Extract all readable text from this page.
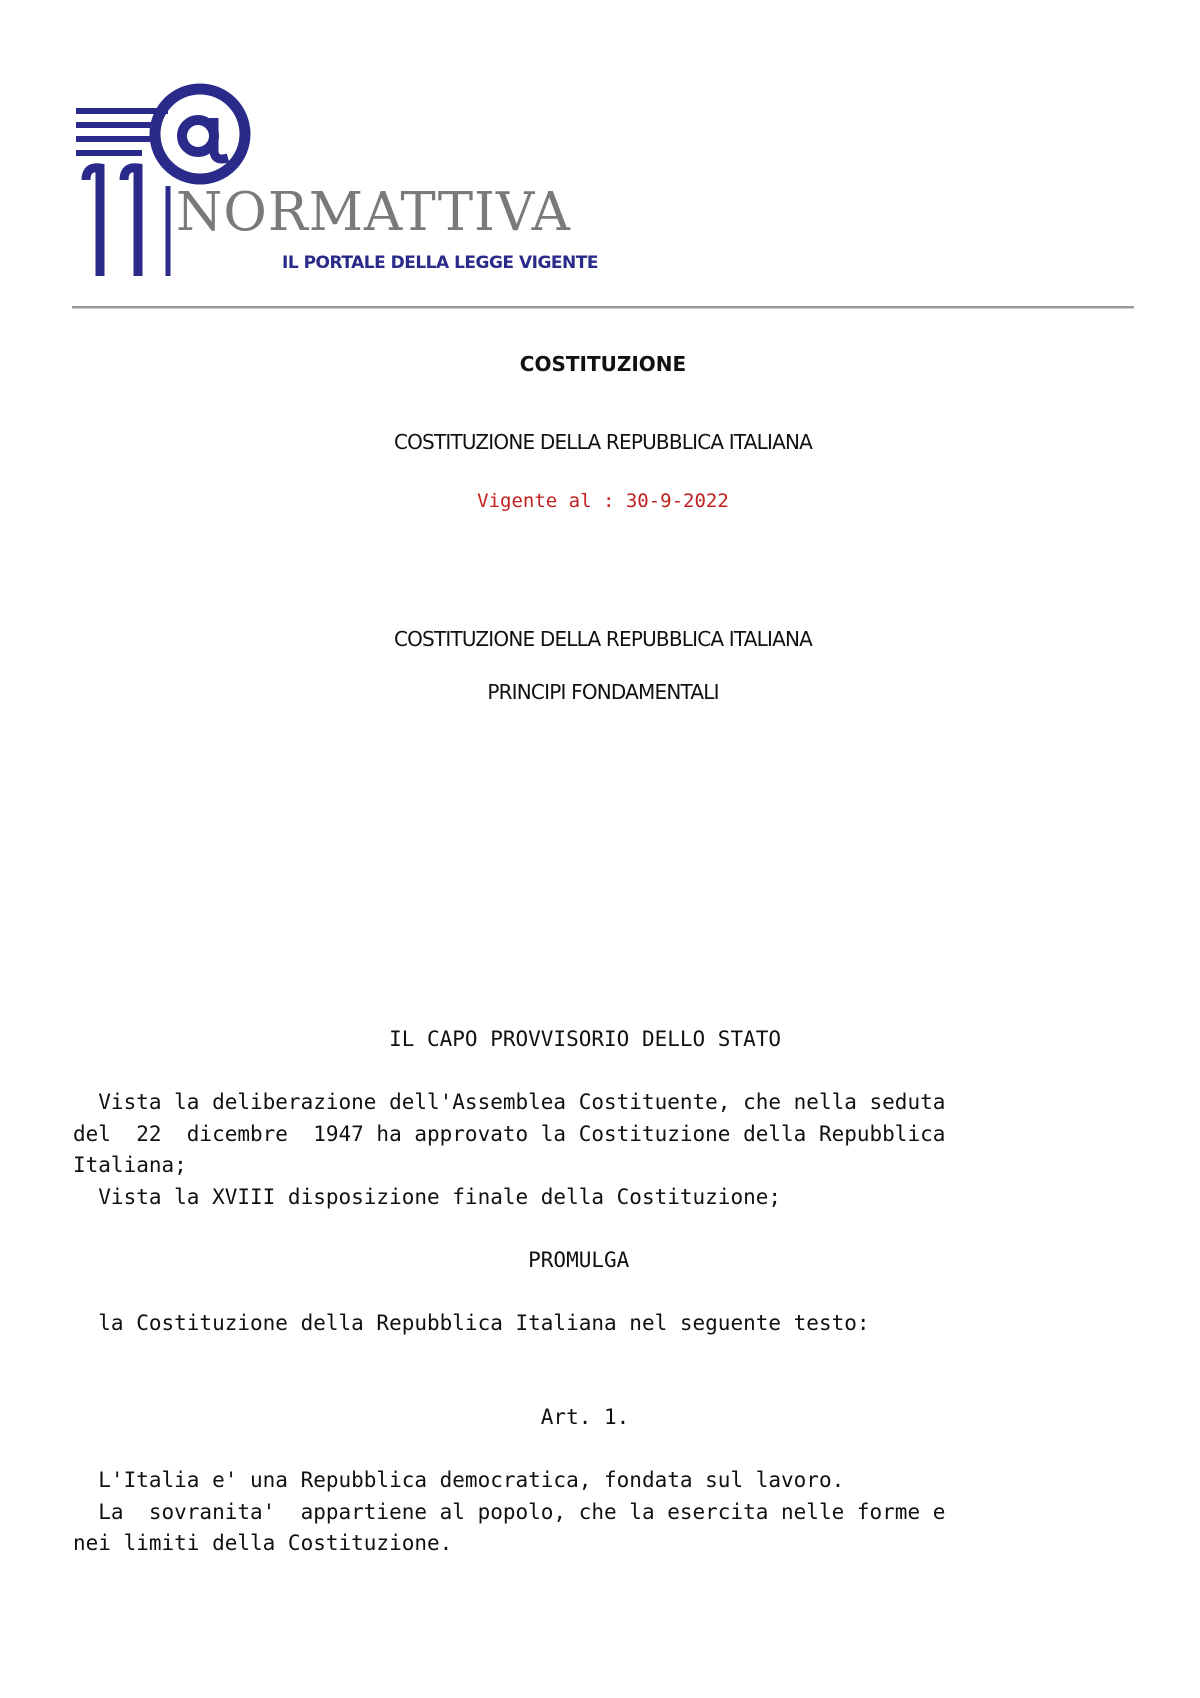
NORMATTIVA
IL PORTALE DELLA LEGGE VIGENTE
COSTITUZIONE
COSTITUZIONE DELLA REPUBBLICA ITALIANA
Vigente al : 30-9-2022
COSTITUZIONE DELLA REPUBBLICA ITALIANA
PRINCIPI FONDAMENTALI
IL CAPO PROVVISORIO DELLO STATO

Vista la deliberazione dell'Assemblea Costituente, che nella seduta
del  22  dicembre  1947 ha approvato la Costituzione della Repubblica
Italiana;
Vista la XVIII disposizione finale della Costituzione;

PROMULGA

la Costituzione della Repubblica Italiana nel seguente testo:
Art. 1.

L'Italia e' una Repubblica democratica, fondata sul lavoro.
La  sovranita'  appartiene al popolo, che la esercita nelle forme e
nei limiti della Costituzione.
